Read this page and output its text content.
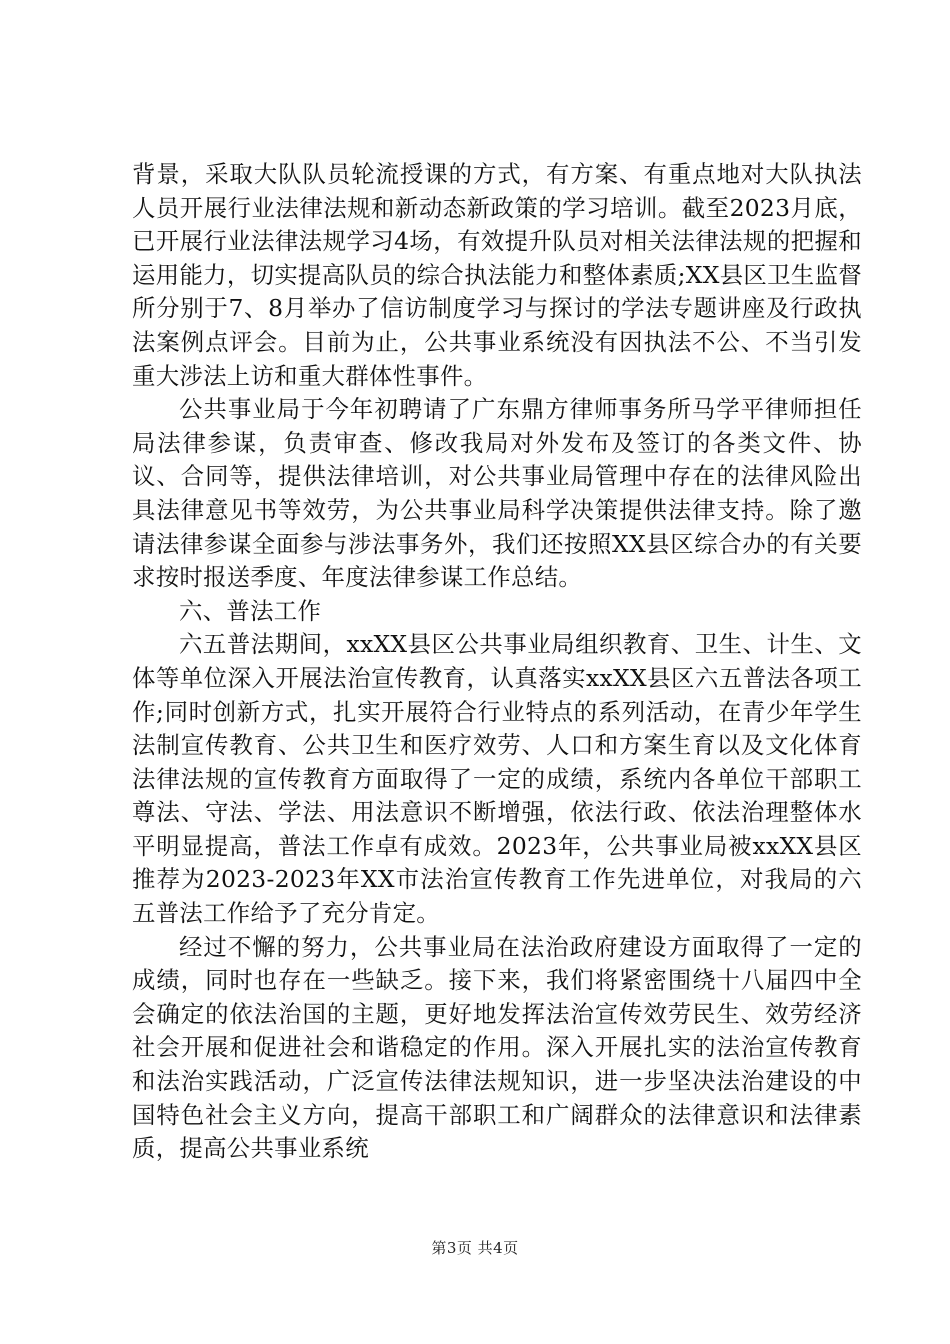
背景，采取大队队员轮流授课的方式，有方案、有重点地对大队执法人员开展行业法律法规和新动态新政策的学习培训。截至2023月底，已开展行业法律法规学习4场，有效提升队员对相关法律法规的把握和运用能力，切实提高队员的综合执法能力和整体素质;XX县区卫生监督所分别于7、8月举办了信访制度学习与探讨的学法专题讲座及行政执法案例点评会。目前为止，公共事业系统没有因执法不公、不当引发重大涉法上访和重大群体性事件。

公共事业局于今年初聘请了广东鼎方律师事务所马学平律师担任局法律参谋，负责审查、修改我局对外发布及签订的各类文件、协议、合同等，提供法律培训，对公共事业局管理中存在的法律风险出具法律意见书等效劳，为公共事业局科学决策提供法律支持。除了邀请法律参谋全面参与涉法事务外，我们还按照XX县区综合办的有关要求按时报送季度、年度法律参谋工作总结。

六、普法工作

六五普法期间，xxXX县区公共事业局组织教育、卫生、计生、文体等单位深入开展法治宣传教育，认真落实xxXX县区六五普法各项工作;同时创新方式，扎实开展符合行业特点的系列活动，在青少年学生法制宣传教育、公共卫生和医疗效劳、人口和方案生育以及文化体育法律法规的宣传教育方面取得了一定的成绩，系统内各单位干部职工尊法、守法、学法、用法意识不断增强，依法行政、依法治理整体水平明显提高，普法工作卓有成效。2023年，公共事业局被xxXX县区推荐为2023-2023年XX市法治宣传教育工作先进单位，对我局的六五普法工作给予了充分肯定。

经过不懈的努力，公共事业局在法治政府建设方面取得了一定的成绩，同时也存在一些缺乏。接下来，我们将紧密围绕十八届四中全会确定的依法治国的主题，更好地发挥法治宣传效劳民生、效劳经济社会开展和促进社会和谐稳定的作用。深入开展扎实的法治宣传教育和法治实践活动，广泛宣传法律法规知识，进一步坚决法治建设的中国特色社会主义方向，提高干部职工和广阔群众的法律意识和法律素质，提高公共事业系统

第3页 共4页
